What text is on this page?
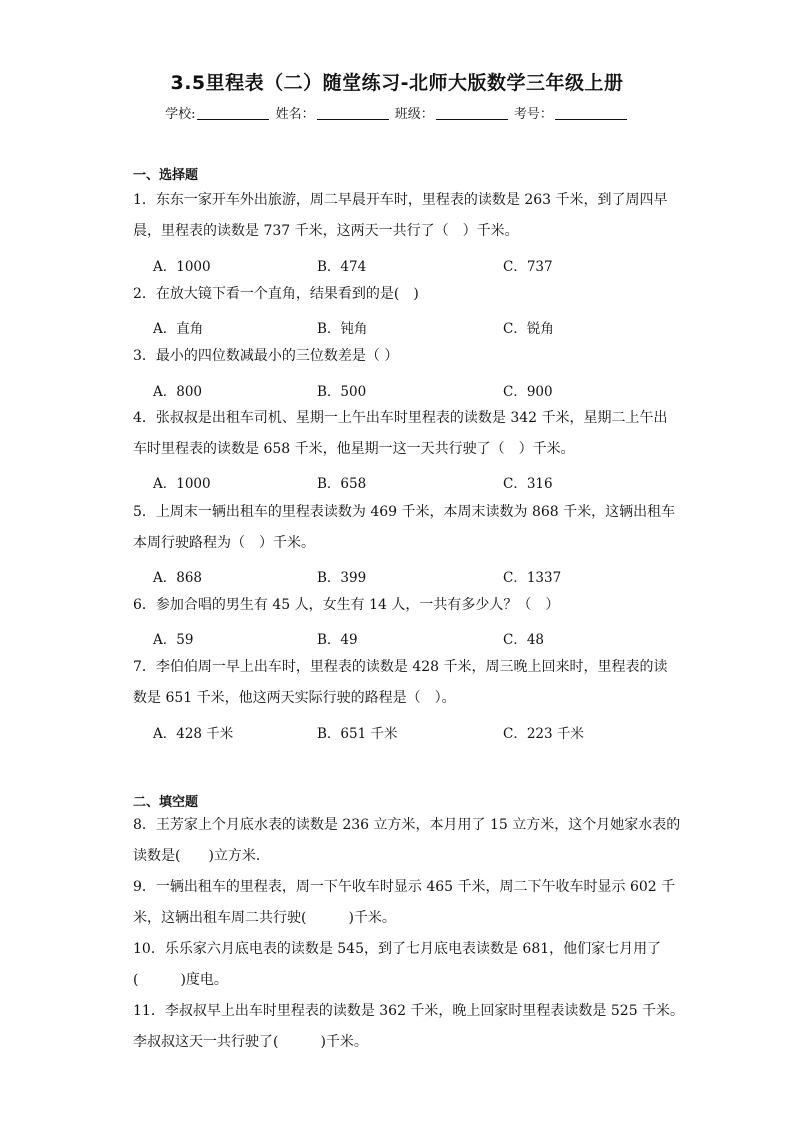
3.5里程表（二）随堂练习-北师大版数学三年级上册
学校:	姓名：	班级：	考号：
一、选择题
1．东东一家开车外出旅游，周二早晨开车时，里程表的读数是 263 千米，到了周四早
晨，里程表的读数是 737 千米，这两天一共行了（　）千米。
A．1000	B．474	C．737
2．在放大镜下看一个直角，结果看到的是(　)
A．直角	B．钝角	C．锐角
3．最小的四位数减最小的三位数差是（ ）
A．800	B．500	C．900
4．张叔叔是出租车司机、星期一上午出车时里程表的读数是 342 千米，星期二上午出
车时里程表的读数是 658 千米，他星期一这一天共行驶了（　）千米。
A．1000	B．658	C．316
5．上周末一辆出租车的里程表读数为 469 千米，本周末读数为 868 千米，这辆出租车
本周行驶路程为（　）千米。
A．868	B．399	C．1337
6．参加合唱的男生有 45 人，女生有 14 人，一共有多少人？（　）
A．59	B．49	C．48
7．李伯伯周一早上出车时，里程表的读数是 428 千米，周三晚上回来时，里程表的读
数是 651 千米，他这两天实际行驶的路程是（　）。
A．428 千米	B．651 千米	C．223 千米
二、填空题
8．王芳家上个月底水表的读数是 236 立方米，本月用了 15 立方米，这个月她家水表的
读数是(　　)立方米．
9．一辆出租车的里程表，周一下午收车时显示 465 千米，周二下午收车时显示 602 千
米，这辆出租车周二共行驶(　　　)千米。
10．乐乐家六月底电表的读数是 545，到了七月底电表读数是 681，他们家七月用了
(　　　)度电。
11．李叔叔早上出车时里程表的读数是 362 千米，晚上回家时里程表读数是 525 千米。
李叔叔这天一共行驶了(　　　)千米。
